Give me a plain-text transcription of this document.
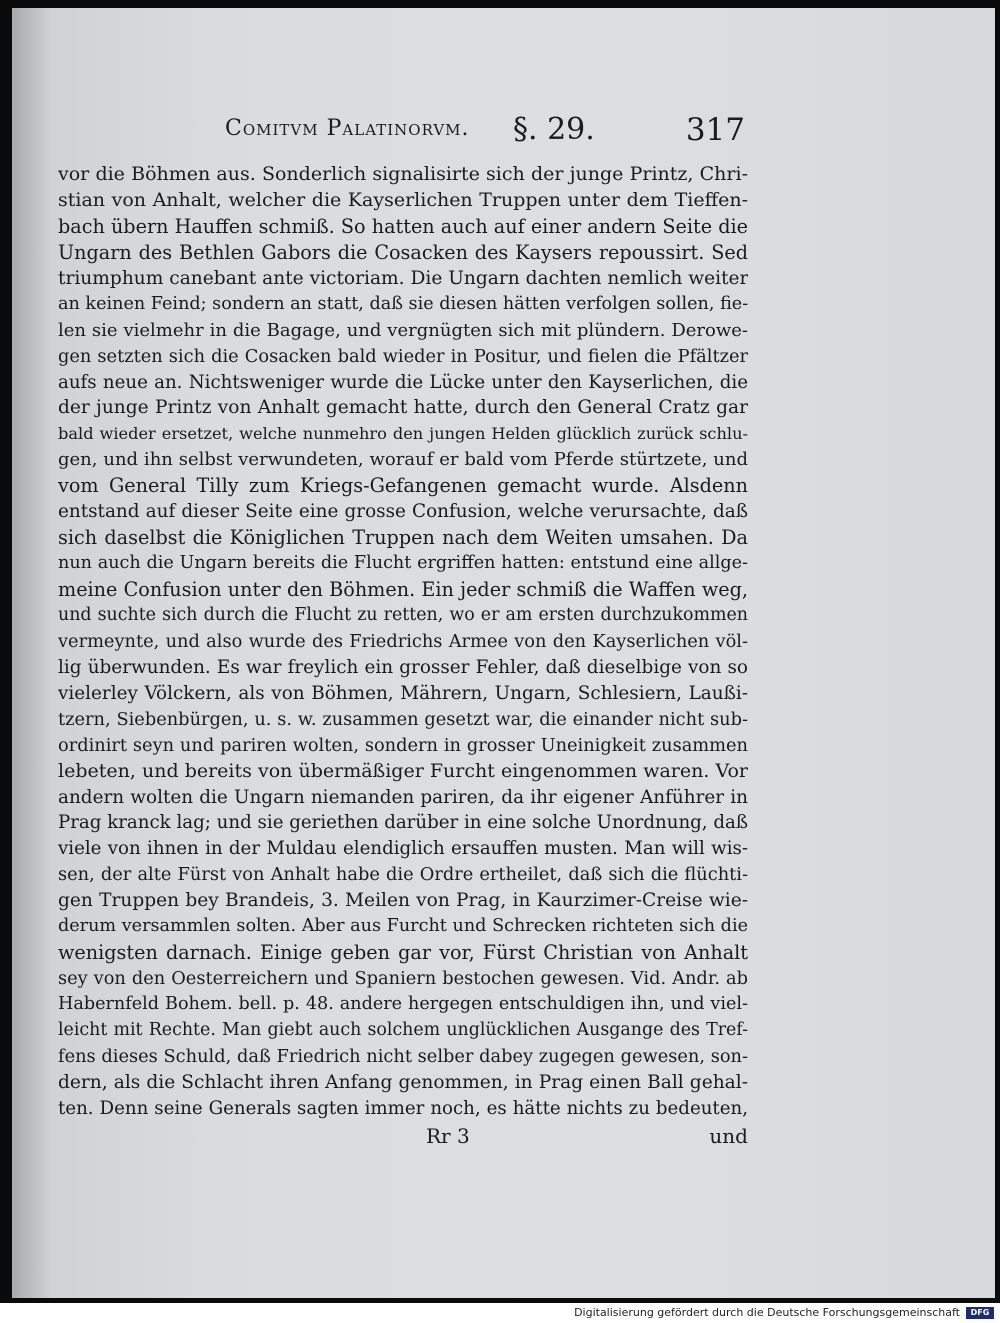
Comitvm Palatinorvm. §. 29.	317
vor die Böhmen aus. Sonderlich signalisirte sich der junge Printz, Chri-
stian von Anhalt, welcher die Kayserlichen Truppen unter dem Tieffen-
bach übern Hauffen schmiß. So hatten auch auf einer andern Seite die
Ungarn des Bethlen Gabors die Cosacken des Kaysers repoussirt. Sed
triumphum canebant ante victoriam. Die Ungarn dachten nemlich weiter
an keinen Feind; sondern an statt, daß sie diesen hätten verfolgen sollen, fie-
len sie vielmehr in die Bagage, und vergnügten sich mit plündern. Derowe-
gen setzten sich die Cosacken bald wieder in Positur, und fielen die Pfältzer
aufs neue an. Nichtsweniger wurde die Lücke unter den Kayserlichen, die
der junge Printz von Anhalt gemacht hatte, durch den General Cratz gar
bald wieder ersetzet, welche nunmehro den jungen Helden glücklich zurück schlu-
gen, und ihn selbst verwundeten, worauf er bald vom Pferde stürtzete, und
vom General Tilly zum Kriegs-Gefangenen gemacht wurde. Alsdenn
entstand auf dieser Seite eine grosse Confusion, welche verursachte, daß
sich daselbst die Königlichen Truppen nach dem Weiten umsahen. Da
nun auch die Ungarn bereits die Flucht ergriffen hatten: entstund eine allge-
meine Confusion unter den Böhmen. Ein jeder schmiß die Waffen weg,
und suchte sich durch die Flucht zu retten, wo er am ersten durchzukommen
vermeynte, und also wurde des Friedrichs Armee von den Kayserlichen völ-
lig überwunden. Es war freylich ein grosser Fehler, daß dieselbige von so
vielerley Völckern, als von Böhmen, Mährern, Ungarn, Schlesiern, Laußi-
tzern, Siebenbürgen, u. s. w. zusammen gesetzt war, die einander nicht sub-
ordinirt seyn und pariren wolten, sondern in grosser Uneinigkeit zusammen
lebeten, und bereits von übermäßiger Furcht eingenommen waren. Vor
andern wolten die Ungarn niemanden pariren, da ihr eigener Anführer in
Prag kranck lag; und sie geriethen darüber in eine solche Unordnung, daß
viele von ihnen in der Muldau elendiglich ersauffen musten. Man will wis-
sen, der alte Fürst von Anhalt habe die Ordre ertheilet, daß sich die flüchti-
gen Truppen bey Brandeis, 3. Meilen von Prag, in Kaurzimer-Creise wie-
derum versammlen solten. Aber aus Furcht und Schrecken richteten sich die
wenigsten darnach. Einige geben gar vor, Fürst Christian von Anhalt
sey von den Oesterreichern und Spaniern bestochen gewesen. Vid. Andr. ab
Habernfeld Bohem. bell. p. 48. andere hergegen entschuldigen ihn, und viel-
leicht mit Rechte. Man giebt auch solchem unglücklichen Ausgange des Tref-
fens dieses Schuld, daß Friedrich nicht selber dabey zugegen gewesen, son-
dern, als die Schlacht ihren Anfang genommen, in Prag einen Ball gehal-
ten. Denn seine Generals sagten immer noch, es hätte nichts zu bedeuten,
Rr 3	und
Digitalisierung gefördert durch die Deutsche Forschungsgemeinschaft	DFG
